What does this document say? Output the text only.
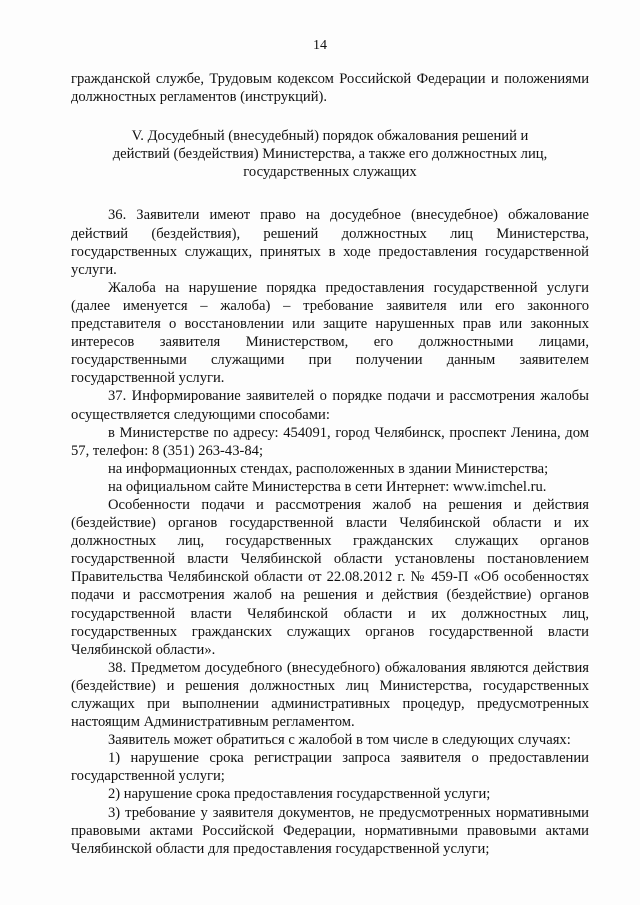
14

гражданской службе, Трудовым кодексом Российской Федерации и положениями должностных регламентов (инструкций).

V. Досудебный (внесудебный) порядок обжалования решений и
действий (бездействия) Министерства, а также его должностных лиц,
государственных служащих

36. Заявители имеют право на досудебное (внесудебное) обжалование действий (бездействия), решений должностных лиц Министерства, государственных служащих, принятых в ходе предоставления государственной услуги.

Жалоба на нарушение порядка предоставления государственной услуги (далее именуется – жалоба) – требование заявителя или его законного представителя о восстановлении или защите нарушенных прав или законных интересов заявителя Министерством, его должностными лицами, государственными служащими при получении данным заявителем государственной услуги.

37. Информирование заявителей о порядке подачи и рассмотрения жалобы осуществляется следующими способами:

в Министерстве по адресу: 454091, город Челябинск, проспект Ленина, дом 57, телефон: 8 (351) 263-43-84;

на информационных стендах, расположенных в здании Министерства;

на официальном сайте Министерства в сети Интернет: www.imchel.ru.

Особенности подачи и рассмотрения жалоб на решения и действия (бездействие) органов государственной власти Челябинской области и их должностных лиц, государственных гражданских служащих органов государственной власти Челябинской области установлены постановлением Правительства Челябинской области от 22.08.2012 г. № 459-П «Об особенностях подачи и рассмотрения жалоб на решения и действия (бездействие) органов государственной власти Челябинской области и их должностных лиц, государственных гражданских служащих органов государственной власти Челябинской области».

38. Предметом досудебного (внесудебного) обжалования являются действия (бездействие) и решения должностных лиц Министерства, государственных служащих при выполнении административных процедур, предусмотренных настоящим Административным регламентом.

Заявитель может обратиться с жалобой в том числе в следующих случаях:

1) нарушение срока регистрации запроса заявителя о предоставлении государственной услуги;

2) нарушение срока предоставления государственной услуги;

3) требование у заявителя документов, не предусмотренных нормативными правовыми актами Российской Федерации, нормативными правовыми актами Челябинской области для предоставления государственной услуги;
